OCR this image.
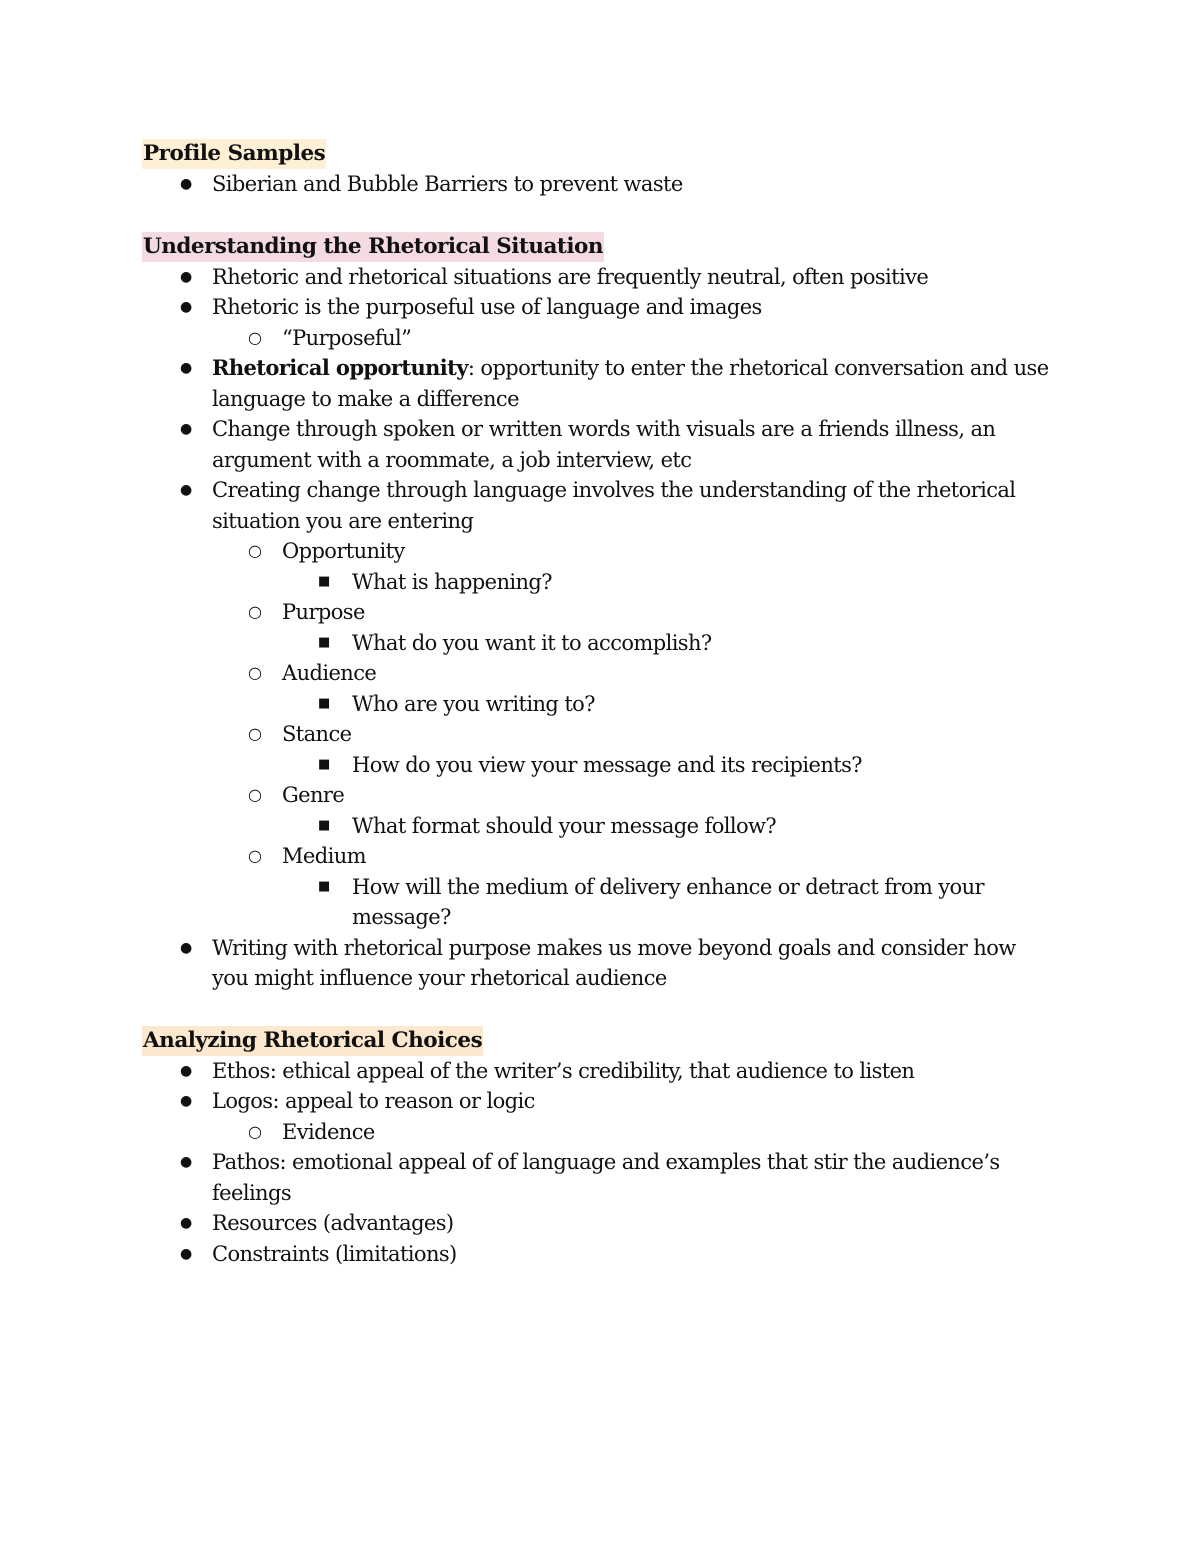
Profile Samples
● Siberian and Bubble Barriers to prevent waste
Understanding the Rhetorical Situation
● Rhetoric and rhetorical situations are frequently neutral, often positive
● Rhetoric is the purposeful use of language and images
○ “Purposeful”
● Rhetorical opportunity: opportunity to enter the rhetorical conversation and use language to make a difference
● Change through spoken or written words with visuals are a friends illness, an argument with a roommate, a job interview, etc
● Creating change through language involves the understanding of the rhetorical situation you are entering
○ Opportunity
■ What is happening?
○ Purpose
■ What do you want it to accomplish?
○ Audience
■ Who are you writing to?
○ Stance
■ How do you view your message and its recipients?
○ Genre
■ What format should your message follow?
○ Medium
■ How will the medium of delivery enhance or detract from your message?
● Writing with rhetorical purpose makes us move beyond goals and consider how you might influence your rhetorical audience
Analyzing Rhetorical Choices
● Ethos: ethical appeal of the writer’s credibility, that audience to listen
● Logos: appeal to reason or logic
○ Evidence
● Pathos: emotional appeal of of language and examples that stir the audience’s feelings
● Resources (advantages)
● Constraints (limitations)
